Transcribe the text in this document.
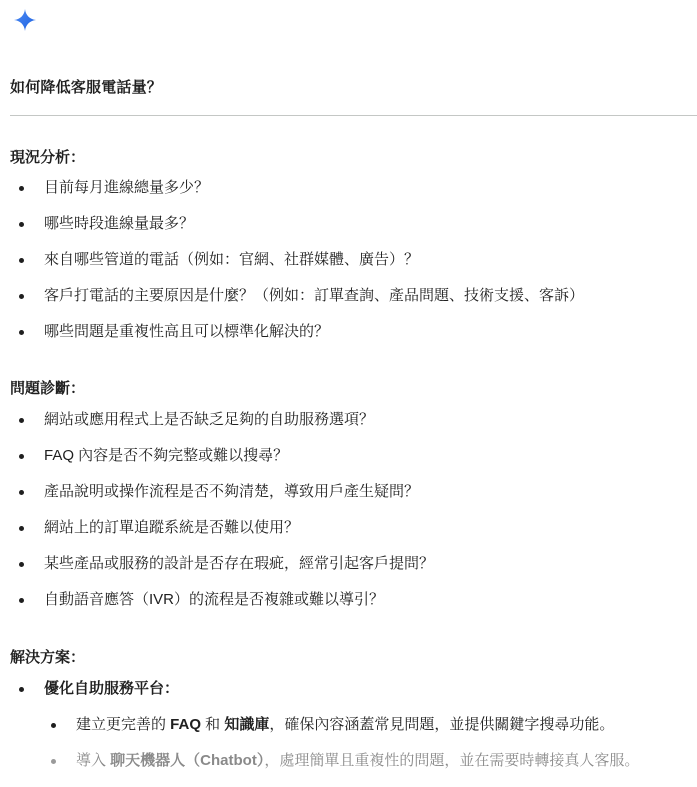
如何降低客服電話量？
現況分析：
目前每月進線總量多少？
哪些時段進線量最多？
來自哪些管道的電話（例如：官網、社群媒體、廣告）？
客戶打電話的主要原因是什麼？（例如：訂單查詢、產品問題、技術支援、客訴）
哪些問題是重複性高且可以標準化解決的？
問題診斷：
網站或應用程式上是否缺乏足夠的自助服務選項？
FAQ 內容是否不夠完整或難以搜尋？
產品說明或操作流程是否不夠清楚，導致用戶產生疑問？
網站上的訂單追蹤系統是否難以使用？
某些產品或服務的設計是否存在瑕疵，經常引起客戶提問？
自動語音應答（IVR）的流程是否複雜或難以導引？
解決方案：
優化自助服務平台：
建立更完善的 FAQ 和 知識庫，確保內容涵蓋常見問題，並提供關鍵字搜尋功能。
導入 聊天機器人（Chatbot），處理簡單且重複性的問題，並在需要時轉接真人客服。
